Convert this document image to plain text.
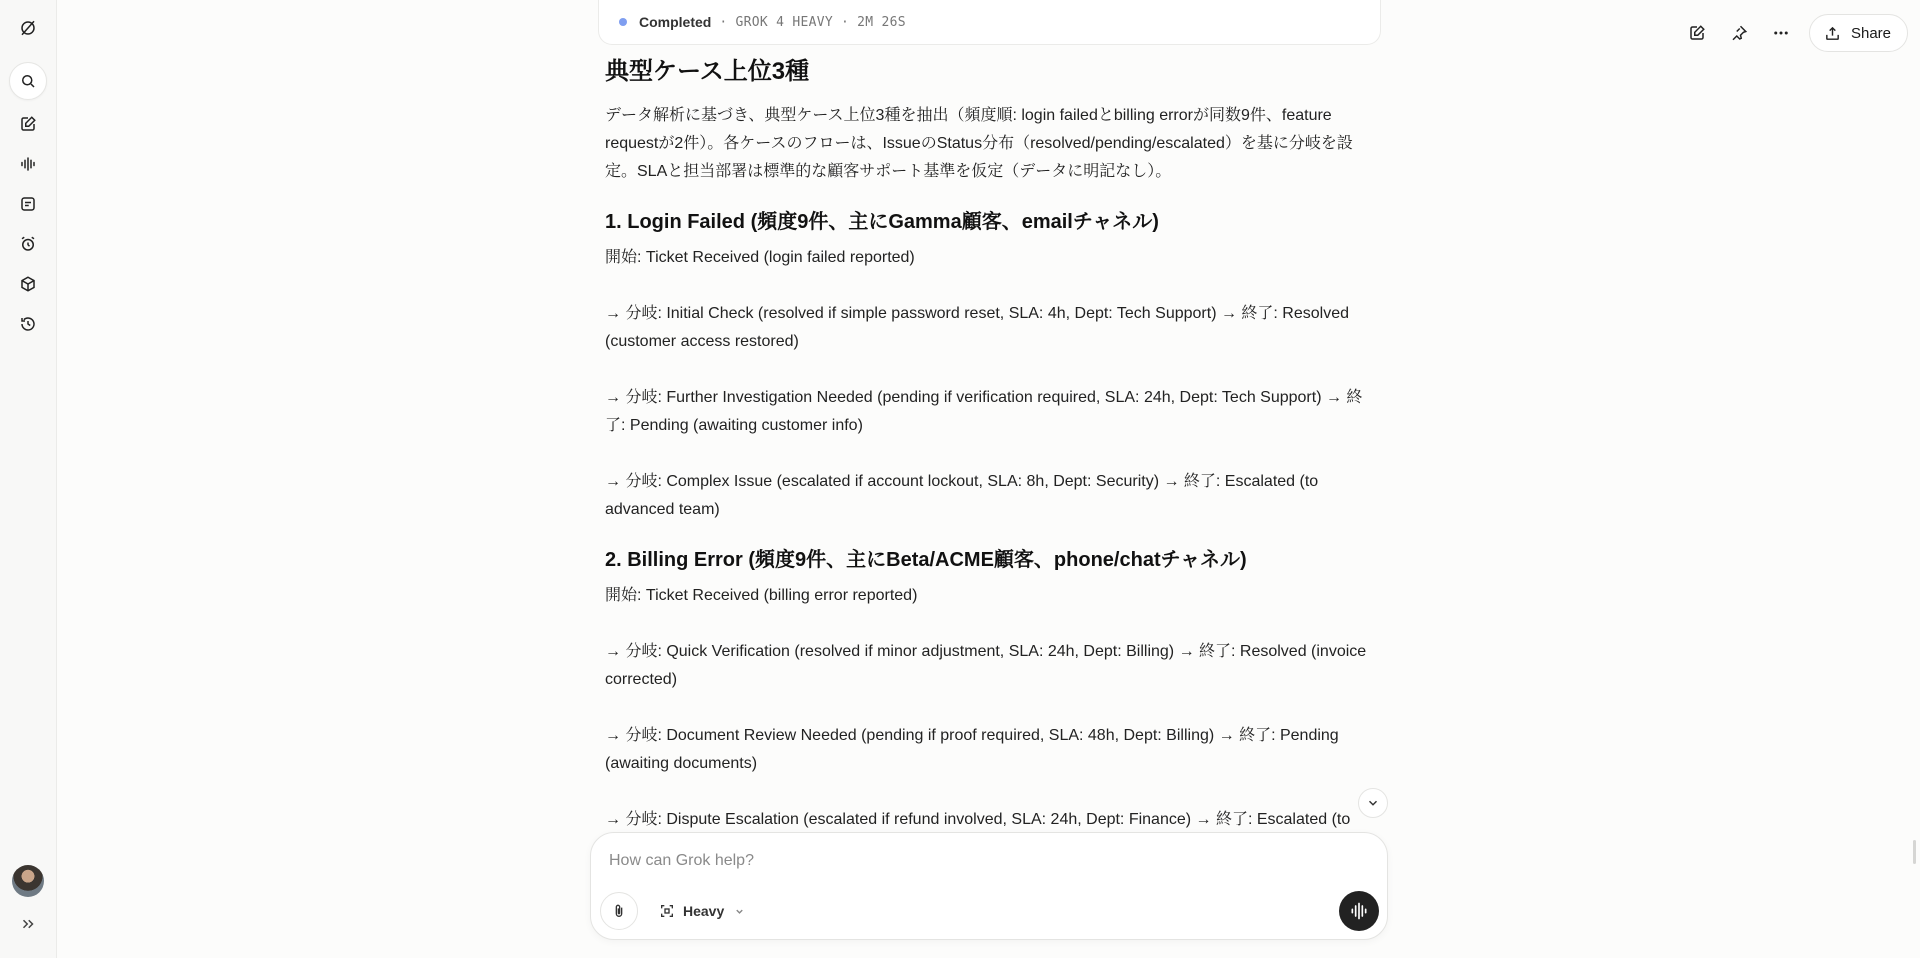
Completed · GROK 4 HEAVY · 2M 26S
Share
典型ケース上位3種
データ解析に基づき、典型ケース上位3種を抽出（頻度順: login failedとbilling errorが同数9件、feature requestが2件）。各ケースのフローは、IssueのStatus分布（resolved/pending/escalated）を基に分岐を設定。SLAと担当部署は標準的な顧客サポート基準を仮定（データに明記なし）。
1. Login Failed (頻度9件、主にGamma顧客、emailチャネル)
開始: Ticket Received (login failed reported)
→ 分岐: Initial Check (resolved if simple password reset, SLA: 4h, Dept: Tech Support) → 終了: Resolved (customer access restored)
→ 分岐: Further Investigation Needed (pending if verification required, SLA: 24h, Dept: Tech Support) → 終了: Pending (awaiting customer info)
→ 分岐: Complex Issue (escalated if account lockout, SLA: 8h, Dept: Security) → 終了: Escalated (to advanced team)
2. Billing Error (頻度9件、主にBeta/ACME顧客、phone/chatチャネル)
開始: Ticket Received (billing error reported)
→ 分岐: Quick Verification (resolved if minor adjustment, SLA: 24h, Dept: Billing) → 終了: Resolved (invoice corrected)
→ 分岐: Document Review Needed (pending if proof required, SLA: 48h, Dept: Billing) → 終了: Pending (awaiting documents)
→ 分岐: Dispute Escalation (escalated if refund involved, SLA: 24h, Dept: Finance) → 終了: Escalated (to
How can Grok help?
Heavy
